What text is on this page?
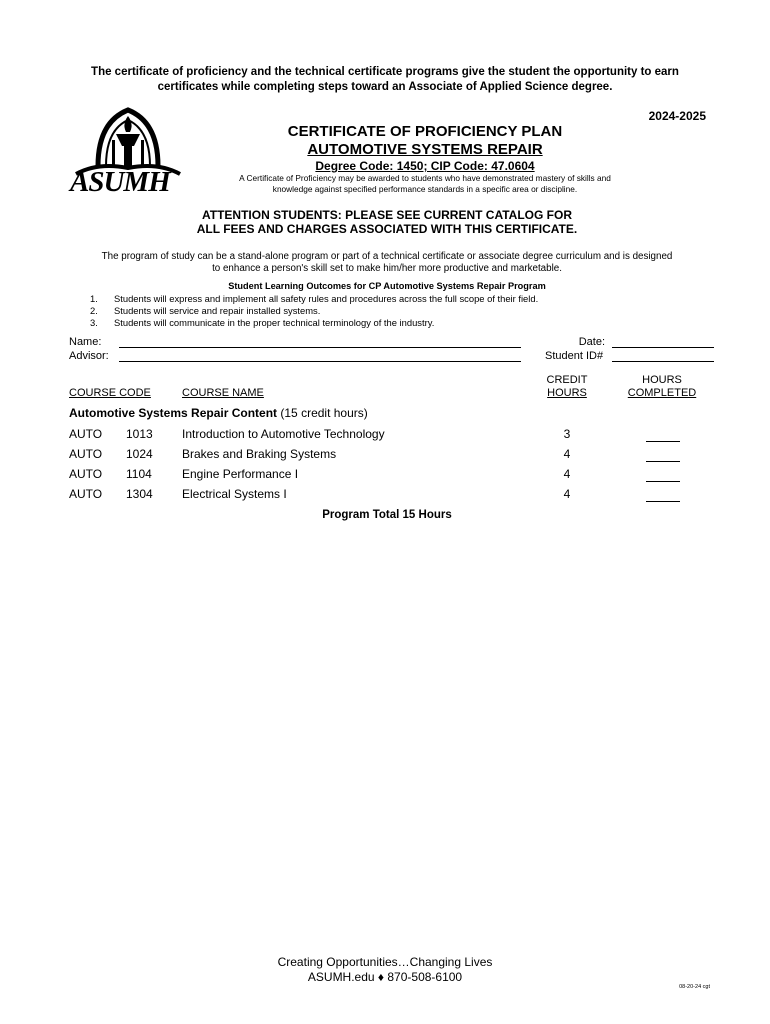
The certificate of proficiency and the technical certificate programs give the student the opportunity to earn
certificates while completing steps toward an Associate of Applied Science degree.
2024-2025
ASUMH
CERTIFICATE OF PROFICIENCY PLAN
AUTOMOTIVE SYSTEMS REPAIR
Degree Code: 1450; CIP Code: 47.0604
A Certificate of Proficiency may be awarded to students who have demonstrated mastery of skills and
knowledge against specified performance standards in a specific area or discipline.
ATTENTION STUDENTS: PLEASE SEE CURRENT CATALOG FOR
ALL FEES AND CHARGES ASSOCIATED WITH THIS CERTIFICATE.
The program of study can be a stand-alone program or part of a technical certificate or associate degree curriculum and is designed
to enhance a person's skill set to make him/her more productive and marketable.
Student Learning Outcomes for CP Automotive Systems Repair Program
1. Students will express and implement all safety rules and procedures across the full scope of their field.
2. Students will service and repair installed systems.
3. Students will communicate in the proper technical terminology of the industry.
Name:
Advisor:
Date:
Student ID#
COURSE CODE	COURSE NAME
CREDIT
HOURS
HOURS
COMPLETED
Automotive Systems Repair Content (15 credit hours)
AUTO 1013 Introduction to Automotive Technology	3
AUTO 1024 Brakes and Braking Systems	4
AUTO 1104	Engine Performance I	4
AUTO 1304 Electrical Systems I	4
Program Total 15 Hours
Creating Opportunities…Changing Lives
ASUMH.edu ♦ 870-508-6100
08-20-24 cgt
